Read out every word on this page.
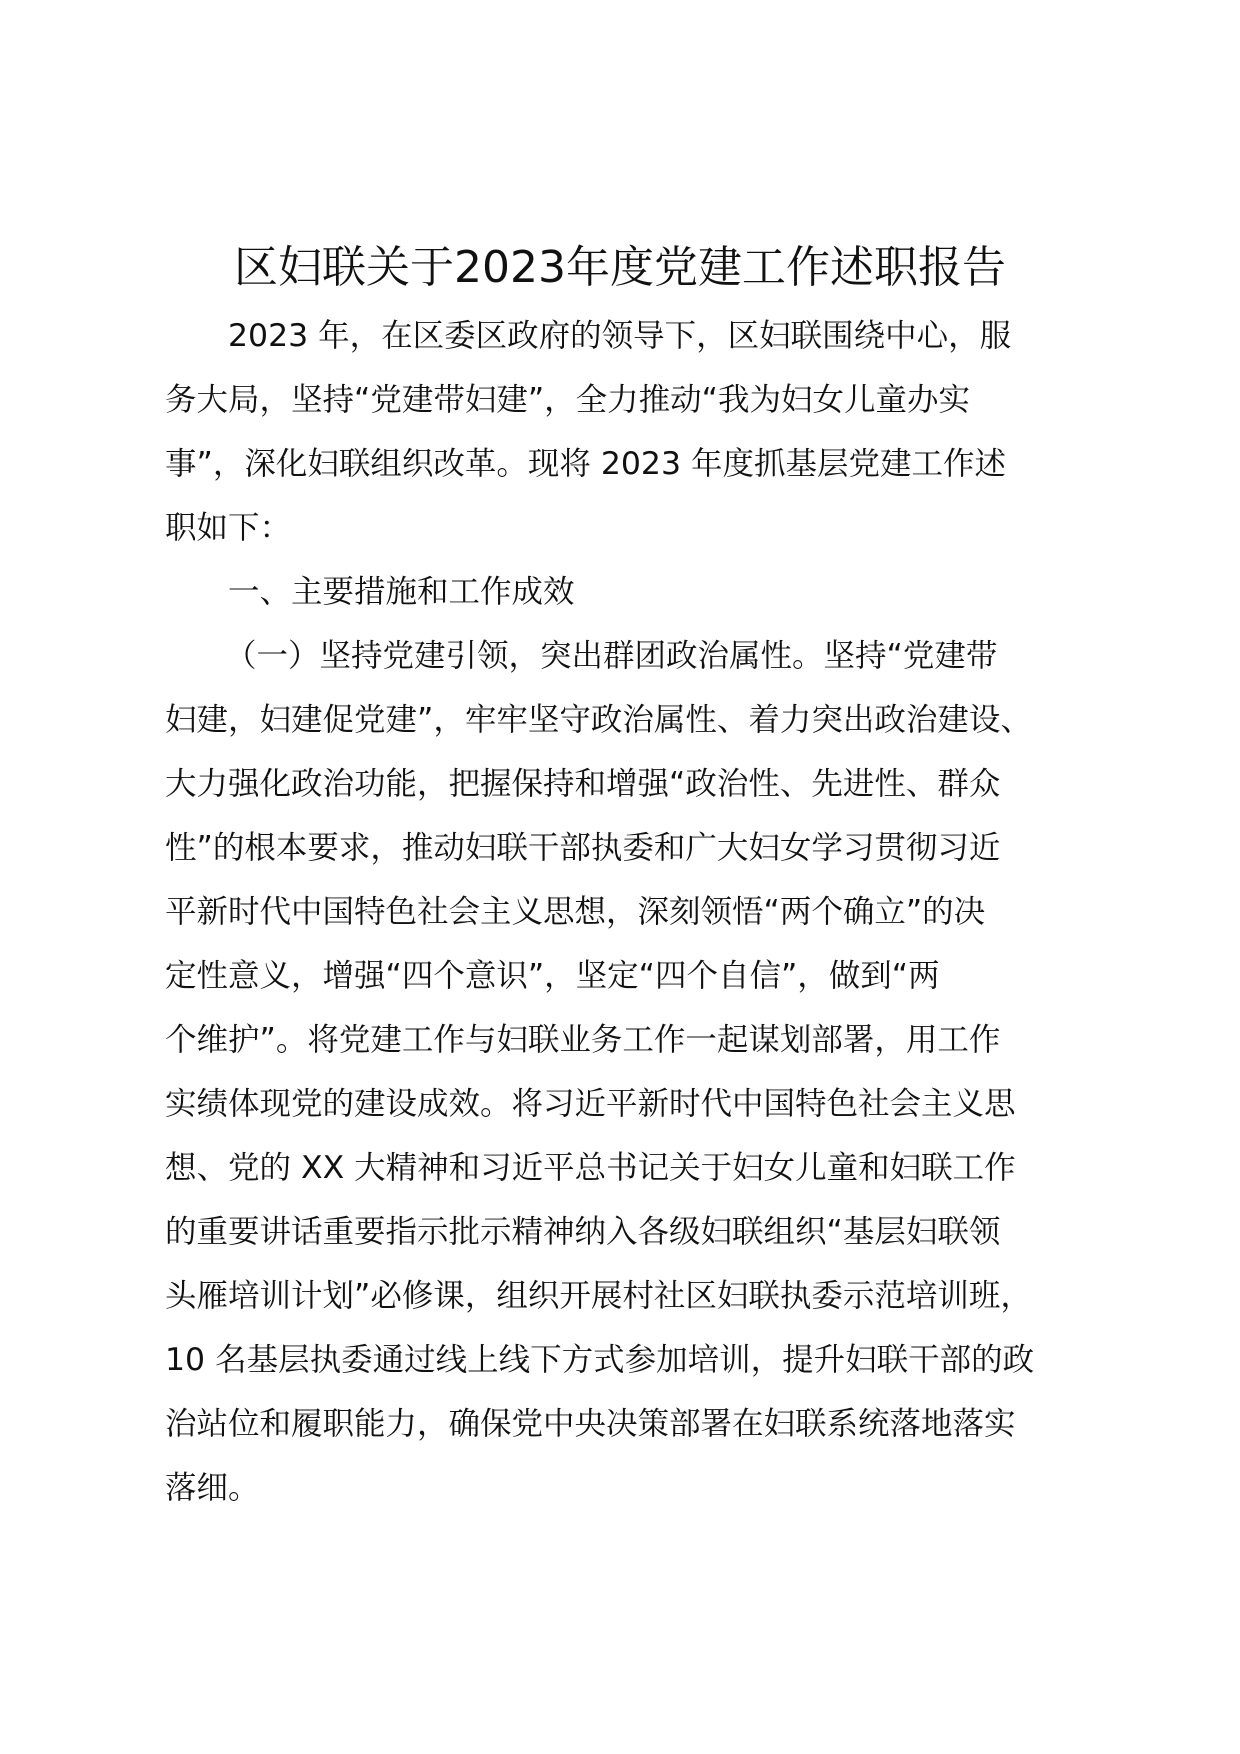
区妇联关于2023年度党建工作述职报告
2023 年，在区委区政府的领导下，区妇联围绕中心，服
务大局，坚持“党建带妇建”，全力推动“我为妇女儿童办实
事”，深化妇联组织改革。现将 2023 年度抓基层党建工作述
职如下：
一、主要措施和工作成效
（一）坚持党建引领，突出群团政治属性。坚持“党建带
妇建，妇建促党建”，牢牢坚守政治属性、着力突出政治建设、
大力强化政治功能，把握保持和增强“政治性、先进性、群众
性”的根本要求，推动妇联干部执委和广大妇女学习贯彻习近
平新时代中国特色社会主义思想，深刻领悟“两个确立”的决
定性意义，增强“四个意识”，坚定“四个自信”，做到“两
个维护”。将党建工作与妇联业务工作一起谋划部署，用工作
实绩体现党的建设成效。将习近平新时代中国特色社会主义思
想、党的 XX 大精神和习近平总书记关于妇女儿童和妇联工作
的重要讲话重要指示批示精神纳入各级妇联组织“基层妇联领
头雁培训计划”必修课，组织开展村社区妇联执委示范培训班，
10 名基层执委通过线上线下方式参加培训，提升妇联干部的政
治站位和履职能力，确保党中央决策部署在妇联系统落地落实
落细。
